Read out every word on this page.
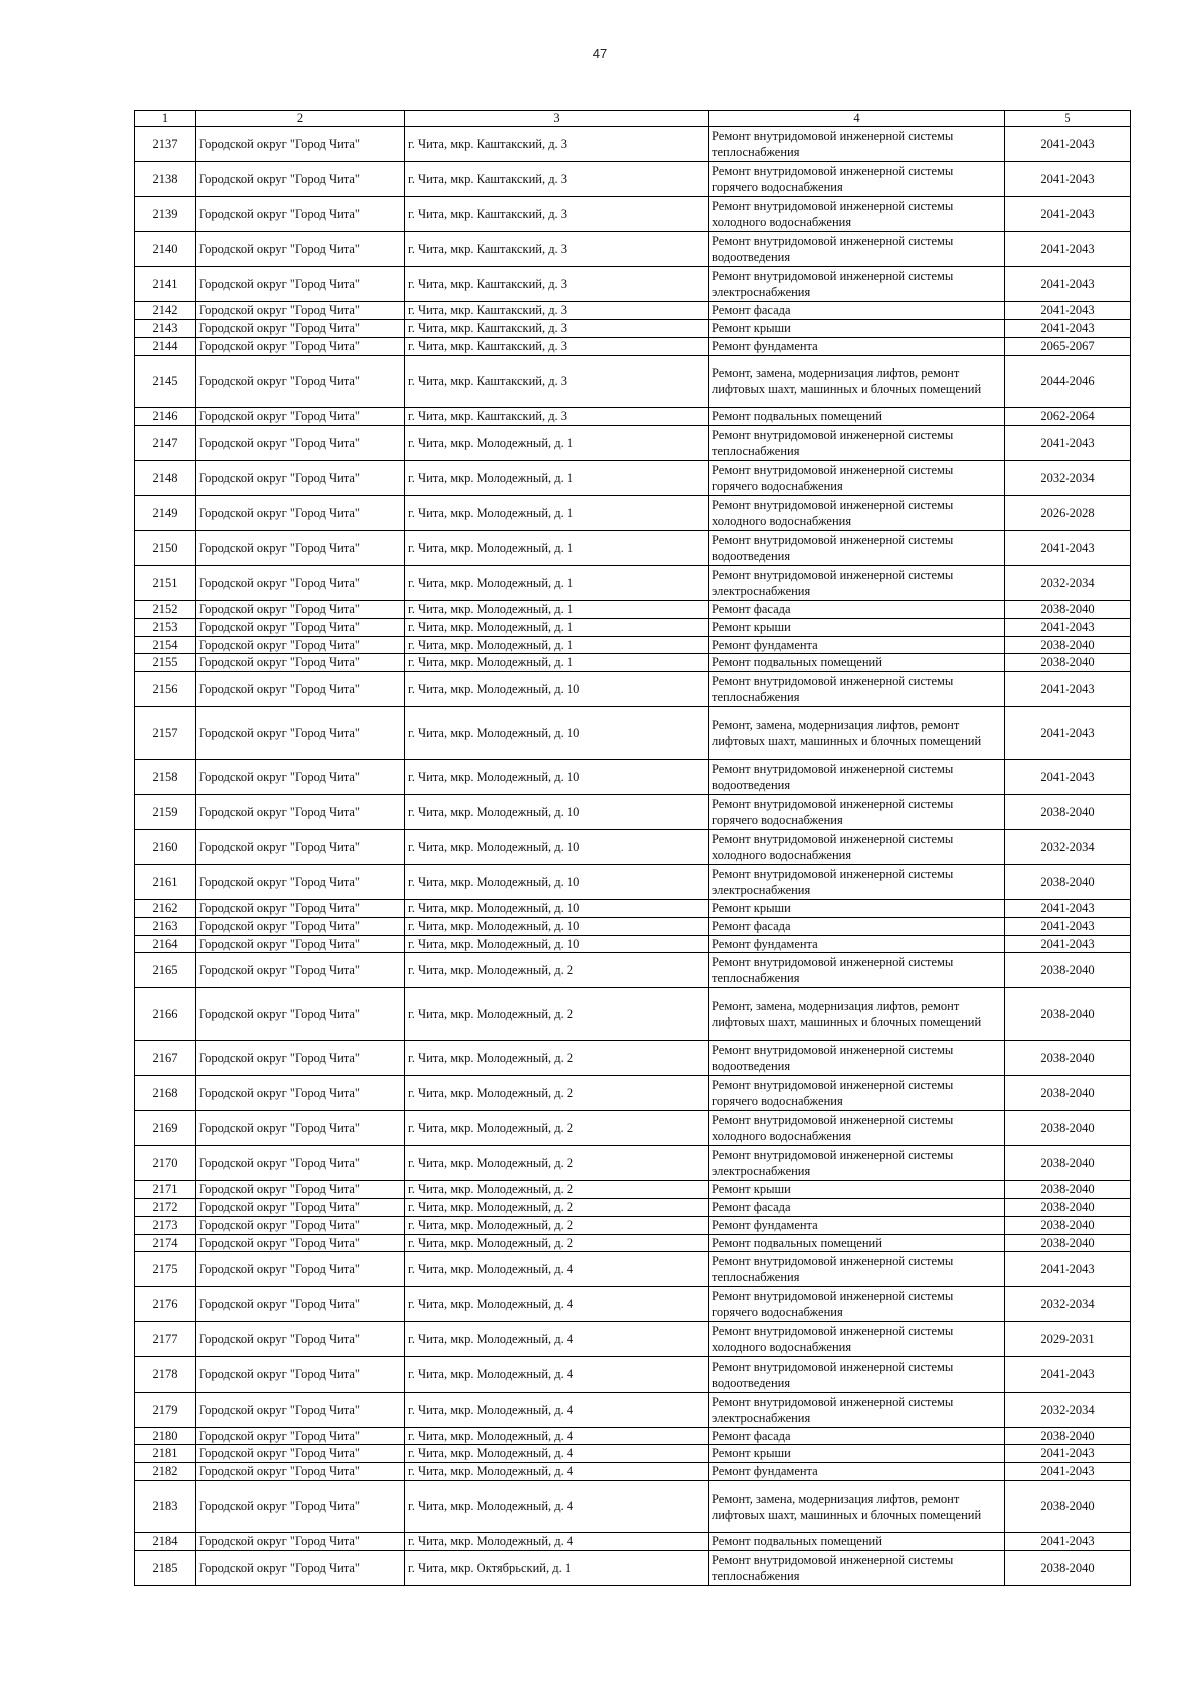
47
1	2	3	4	5
2137	Городской округ "Город Чита"	г. Чита, мкр. Каштакский, д. 3	Ремонт внутридомовой инженерной системы теплоснабжения	2041-2043
2138	Городской округ "Город Чита"	г. Чита, мкр. Каштакский, д. 3	Ремонт внутридомовой инженерной системы горячего водоснабжения	2041-2043
2139	Городской округ "Город Чита"	г. Чита, мкр. Каштакский, д. 3	Ремонт внутридомовой инженерной системы холодного водоснабжения	2041-2043
2140	Городской округ "Город Чита"	г. Чита, мкр. Каштакский, д. 3	Ремонт внутридомовой инженерной системы водоотведения	2041-2043
2141	Городской округ "Город Чита"	г. Чита, мкр. Каштакский, д. 3	Ремонт внутридомовой инженерной системы электроснабжения	2041-2043
2142	Городской округ "Город Чита"	г. Чита, мкр. Каштакский, д. 3	Ремонт фасада	2041-2043
2143	Городской округ "Город Чита"	г. Чита, мкр. Каштакский, д. 3	Ремонт крыши	2041-2043
2144	Городской округ "Город Чита"	г. Чита, мкр. Каштакский, д. 3	Ремонт фундамента	2065-2067
2145	Городской округ "Город Чита"	г. Чита, мкр. Каштакский, д. 3	Ремонт, замена, модернизация лифтов, ремонт лифтовых шахт, машинных и блочных помещений	2044-2046
2146	Городской округ "Город Чита"	г. Чита, мкр. Каштакский, д. 3	Ремонт подвальных помещений	2062-2064
2147	Городской округ "Город Чита"	г. Чита, мкр. Молодежный, д. 1	Ремонт внутридомовой инженерной системы теплоснабжения	2041-2043
2148	Городской округ "Город Чита"	г. Чита, мкр. Молодежный, д. 1	Ремонт внутридомовой инженерной системы горячего водоснабжения	2032-2034
2149	Городской округ "Город Чита"	г. Чита, мкр. Молодежный, д. 1	Ремонт внутридомовой инженерной системы холодного водоснабжения	2026-2028
2150	Городской округ "Город Чита"	г. Чита, мкр. Молодежный, д. 1	Ремонт внутридомовой инженерной системы водоотведения	2041-2043
2151	Городской округ "Город Чита"	г. Чита, мкр. Молодежный, д. 1	Ремонт внутридомовой инженерной системы электроснабжения	2032-2034
2152	Городской округ "Город Чита"	г. Чита, мкр. Молодежный, д. 1	Ремонт фасада	2038-2040
2153	Городской округ "Город Чита"	г. Чита, мкр. Молодежный, д. 1	Ремонт крыши	2041-2043
2154	Городской округ "Город Чита"	г. Чита, мкр. Молодежный, д. 1	Ремонт фундамента	2038-2040
2155	Городской округ "Город Чита"	г. Чита, мкр. Молодежный, д. 1	Ремонт подвальных помещений	2038-2040
2156	Городской округ "Город Чита"	г. Чита, мкр. Молодежный, д. 10	Ремонт внутридомовой инженерной системы теплоснабжения	2041-2043
2157	Городской округ "Город Чита"	г. Чита, мкр. Молодежный, д. 10	Ремонт, замена, модернизация лифтов, ремонт лифтовых шахт, машинных и блочных помещений	2041-2043
2158	Городской округ "Город Чита"	г. Чита, мкр. Молодежный, д. 10	Ремонт внутридомовой инженерной системы водоотведения	2041-2043
2159	Городской округ "Город Чита"	г. Чита, мкр. Молодежный, д. 10	Ремонт внутридомовой инженерной системы горячего водоснабжения	2038-2040
2160	Городской округ "Город Чита"	г. Чита, мкр. Молодежный, д. 10	Ремонт внутридомовой инженерной системы холодного водоснабжения	2032-2034
2161	Городской округ "Город Чита"	г. Чита, мкр. Молодежный, д. 10	Ремонт внутридомовой инженерной системы электроснабжения	2038-2040
2162	Городской округ "Город Чита"	г. Чита, мкр. Молодежный, д. 10	Ремонт крыши	2041-2043
2163	Городской округ "Город Чита"	г. Чита, мкр. Молодежный, д. 10	Ремонт фасада	2041-2043
2164	Городской округ "Город Чита"	г. Чита, мкр. Молодежный, д. 10	Ремонт фундамента	2041-2043
2165	Городской округ "Город Чита"	г. Чита, мкр. Молодежный, д. 2	Ремонт внутридомовой инженерной системы теплоснабжения	2038-2040
2166	Городской округ "Город Чита"	г. Чита, мкр. Молодежный, д. 2	Ремонт, замена, модернизация лифтов, ремонт лифтовых шахт, машинных и блочных помещений	2038-2040
2167	Городской округ "Город Чита"	г. Чита, мкр. Молодежный, д. 2	Ремонт внутридомовой инженерной системы водоотведения	2038-2040
2168	Городской округ "Город Чита"	г. Чита, мкр. Молодежный, д. 2	Ремонт внутридомовой инженерной системы горячего водоснабжения	2038-2040
2169	Городской округ "Город Чита"	г. Чита, мкр. Молодежный, д. 2	Ремонт внутридомовой инженерной системы холодного водоснабжения	2038-2040
2170	Городской округ "Город Чита"	г. Чита, мкр. Молодежный, д. 2	Ремонт внутридомовой инженерной системы электроснабжения	2038-2040
2171	Городской округ "Город Чита"	г. Чита, мкр. Молодежный, д. 2	Ремонт крыши	2038-2040
2172	Городской округ "Город Чита"	г. Чита, мкр. Молодежный, д. 2	Ремонт фасада	2038-2040
2173	Городской округ "Город Чита"	г. Чита, мкр. Молодежный, д. 2	Ремонт фундамента	2038-2040
2174	Городской округ "Город Чита"	г. Чита, мкр. Молодежный, д. 2	Ремонт подвальных помещений	2038-2040
2175	Городской округ "Город Чита"	г. Чита, мкр. Молодежный, д. 4	Ремонт внутридомовой инженерной системы теплоснабжения	2041-2043
2176	Городской округ "Город Чита"	г. Чита, мкр. Молодежный, д. 4	Ремонт внутридомовой инженерной системы горячего водоснабжения	2032-2034
2177	Городской округ "Город Чита"	г. Чита, мкр. Молодежный, д. 4	Ремонт внутридомовой инженерной системы холодного водоснабжения	2029-2031
2178	Городской округ "Город Чита"	г. Чита, мкр. Молодежный, д. 4	Ремонт внутридомовой инженерной системы водоотведения	2041-2043
2179	Городской округ "Город Чита"	г. Чита, мкр. Молодежный, д. 4	Ремонт внутридомовой инженерной системы электроснабжения	2032-2034
2180	Городской округ "Город Чита"	г. Чита, мкр. Молодежный, д. 4	Ремонт фасада	2038-2040
2181	Городской округ "Город Чита"	г. Чита, мкр. Молодежный, д. 4	Ремонт крыши	2041-2043
2182	Городской округ "Город Чита"	г. Чита, мкр. Молодежный, д. 4	Ремонт фундамента	2041-2043
2183	Городской округ "Город Чита"	г. Чита, мкр. Молодежный, д. 4	Ремонт, замена, модернизация лифтов, ремонт лифтовых шахт, машинных и блочных помещений	2038-2040
2184	Городской округ "Город Чита"	г. Чита, мкр. Молодежный, д. 4	Ремонт подвальных помещений	2041-2043
2185	Городской округ "Город Чита"	г. Чита, мкр. Октябрьский, д. 1	Ремонт внутридомовой инженерной системы теплоснабжения	2038-2040
